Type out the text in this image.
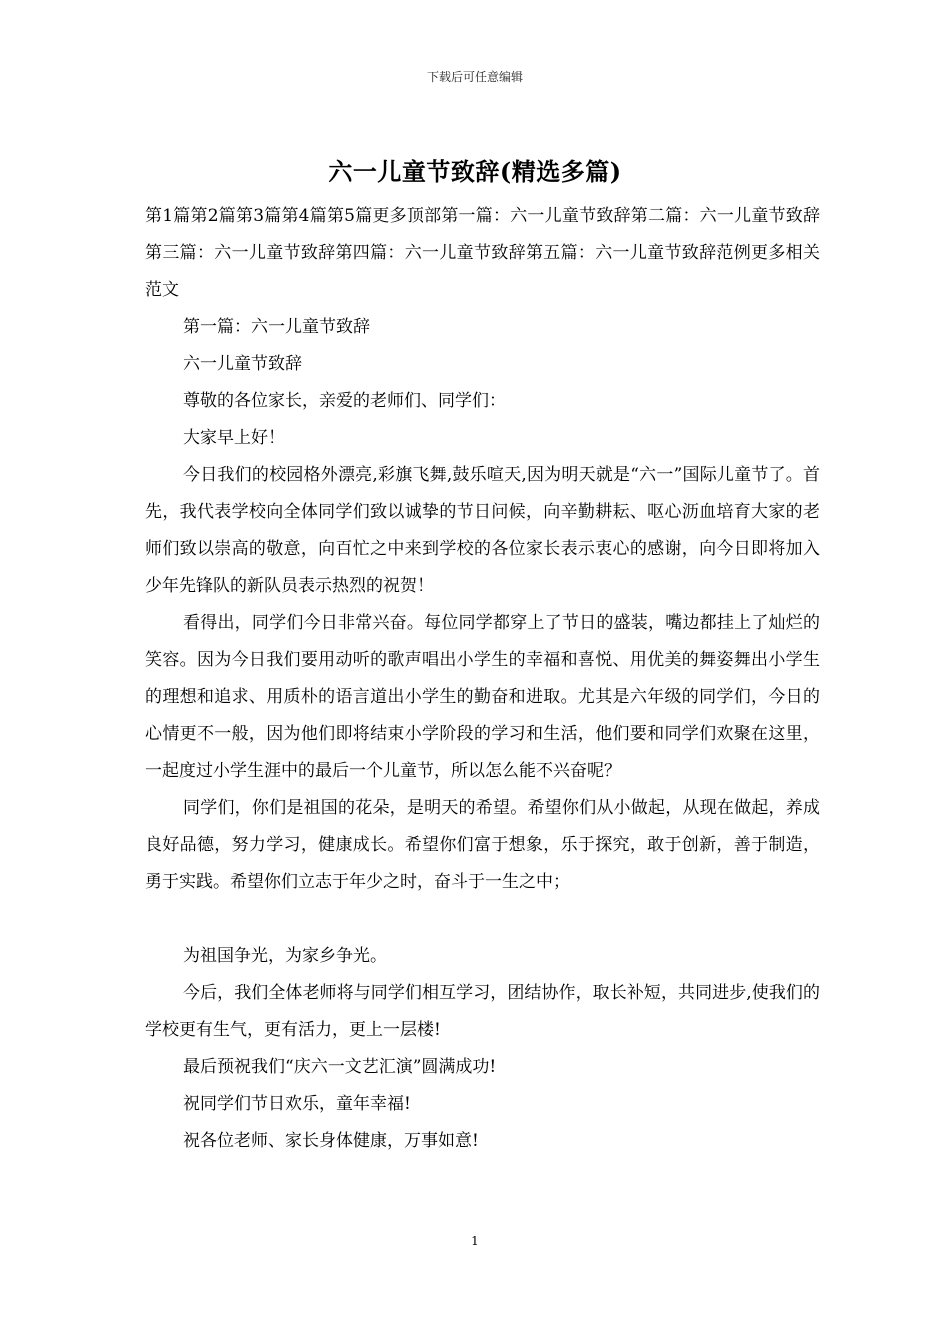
下载后可任意编辑
六一儿童节致辞(精选多篇)

第1篇第2篇第3篇第4篇第5篇更多顶部第一篇：六一儿童节致辞第二篇：六一儿童节致辞第三篇：六一儿童节致辞第四篇：六一儿童节致辞第五篇：六一儿童节致辞范例更多相关范文

第一篇：六一儿童节致辞

六一儿童节致辞

尊敬的各位家长，亲爱的老师们、同学们：

大家早上好！

今日我们的校园格外漂亮,彩旗飞舞,鼓乐喧天,因为明天就是“六一”国际儿童节了。首先，我代表学校向全体同学们致以诚挚的节日问候，向辛勤耕耘、呕心沥血培育大家的老师们致以崇高的敬意，向百忙之中来到学校的各位家长表示衷心的感谢，向今日即将加入少年先锋队的新队员表示热烈的祝贺！

看得出，同学们今日非常兴奋。每位同学都穿上了节日的盛装，嘴边都挂上了灿烂的笑容。因为今日我们要用动听的歌声唱出小学生的幸福和喜悦、用优美的舞姿舞出小学生的理想和追求、用质朴的语言道出小学生的勤奋和进取。尤其是六年级的同学们，今日的心情更不一般，因为他们即将结束小学阶段的学习和生活，他们要和同学们欢聚在这里，一起度过小学生涯中的最后一个儿童节，所以怎么能不兴奋呢？

同学们，你们是祖国的花朵，是明天的希望。希望你们从小做起，从现在做起，养成良好品德，努力学习，健康成长。希望你们富于想象，乐于探究，敢于创新，善于制造，勇于实践。希望你们立志于年少之时，奋斗于一生之中；

为祖国争光，为家乡争光。

今后，我们全体老师将与同学们相互学习，团结协作，取长补短，共同进步,使我们的学校更有生气，更有活力，更上一层楼!

最后预祝我们“庆六一文艺汇演”圆满成功!

祝同学们节日欢乐，童年幸福!

祝各位老师、家长身体健康，万事如意!

1
